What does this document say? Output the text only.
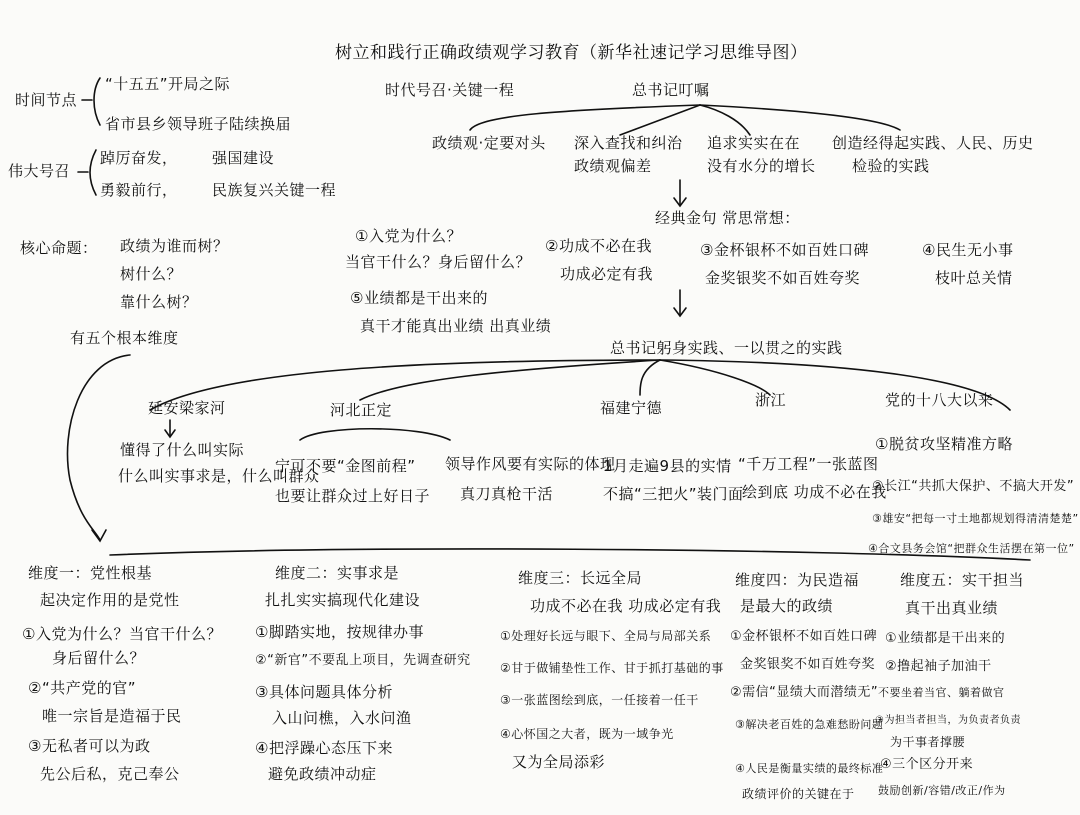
树立和践行正确政绩观学习教育（新华社速记学习思维导图）
时代号召·关键一程	总书记叮嘱
时间节点
“十五五”开局之际
省市县乡领导班子陆续换届
伟大号召
踔厉奋发， 强国建设
勇毅前行， 民族复兴关键一程
核心命题： 政绩为谁而树？
树什么？
靠什么树？
有五个根本维度
政绩观·定要对头 深入查找和纠治
政绩观偏差
追求实实在在
没有水分的增长
创造经得起实践、人民、历史
检验的实践
经典金句 常思常想：
①入党为什么？
当官干什么？身后留什么？
②功成不必在我
功成必定有我
③金杯银杯不如百姓口碑
金奖银奖不如百姓夸奖
④民生无小事
枝叶总关情
⑤业绩都是干出来的
真干才能真出业绩 出真业绩
总书记躬身实践、一以贯之的实践
延安梁家河
懂得了什么叫实际
什么叫实事求是，什么叫群众
河北正定
宁可不要“金图前程”
也要让群众过上好日子
领导作风要有实际的体现
真刀真枪干活
福建宁德
1月走遍9县的实情
不搞“三把火”装门面
浙江
“千万工程”一张蓝图
绘到底 功成不必在我
党的十八大以来
①脱贫攻坚精准方略
②长江“共抓大保护、不搞大开发”
③雄安“把每一寸土地都规划得清清楚楚”
④合文县务会馆“把群众生活摆在第一位”
维度一：党性根基
起决定作用的是党性
①入党为什么？当官干什么？
身后留什么？
②“共产党的官”
唯一宗旨是造福于民
③无私者可以为政
先公后私，克己奉公
维度二：实事求是
扎扎实实搞现代化建设
①脚踏实地，按规律办事
②“新官”不要乱上项目，先调查研究
③具体问题具体分析
入山问樵，入水问渔
④把浮躁心态压下来
避免政绩冲动症
维度三：长远全局
功成不必在我 功成必定有我
①处理好长远与眼下、全局与局部关系
②甘于做铺垫性工作、甘于抓打基础的事
③一张蓝图绘到底，一任接着一任干
④心怀国之大者，既为一域争光
又为全局添彩
维度四：为民造福
是最大的政绩
①金杯银杯不如百姓口碑
金奖银奖不如百姓夸奖
②需信“显绩大而潜绩无”
③解决老百姓的急难愁盼问题
④人民是衡量实绩的最终标准
政绩评价的关键在于
维度五：实干担当
真干出真业绩
①业绩都是干出来的
②撸起袖子加油干
不要坐着当官、躺着做官
③为担当者担当，为负责者负责
为干事者撑腰
④三个区分开来
鼓励创新/容错/改正/作为
